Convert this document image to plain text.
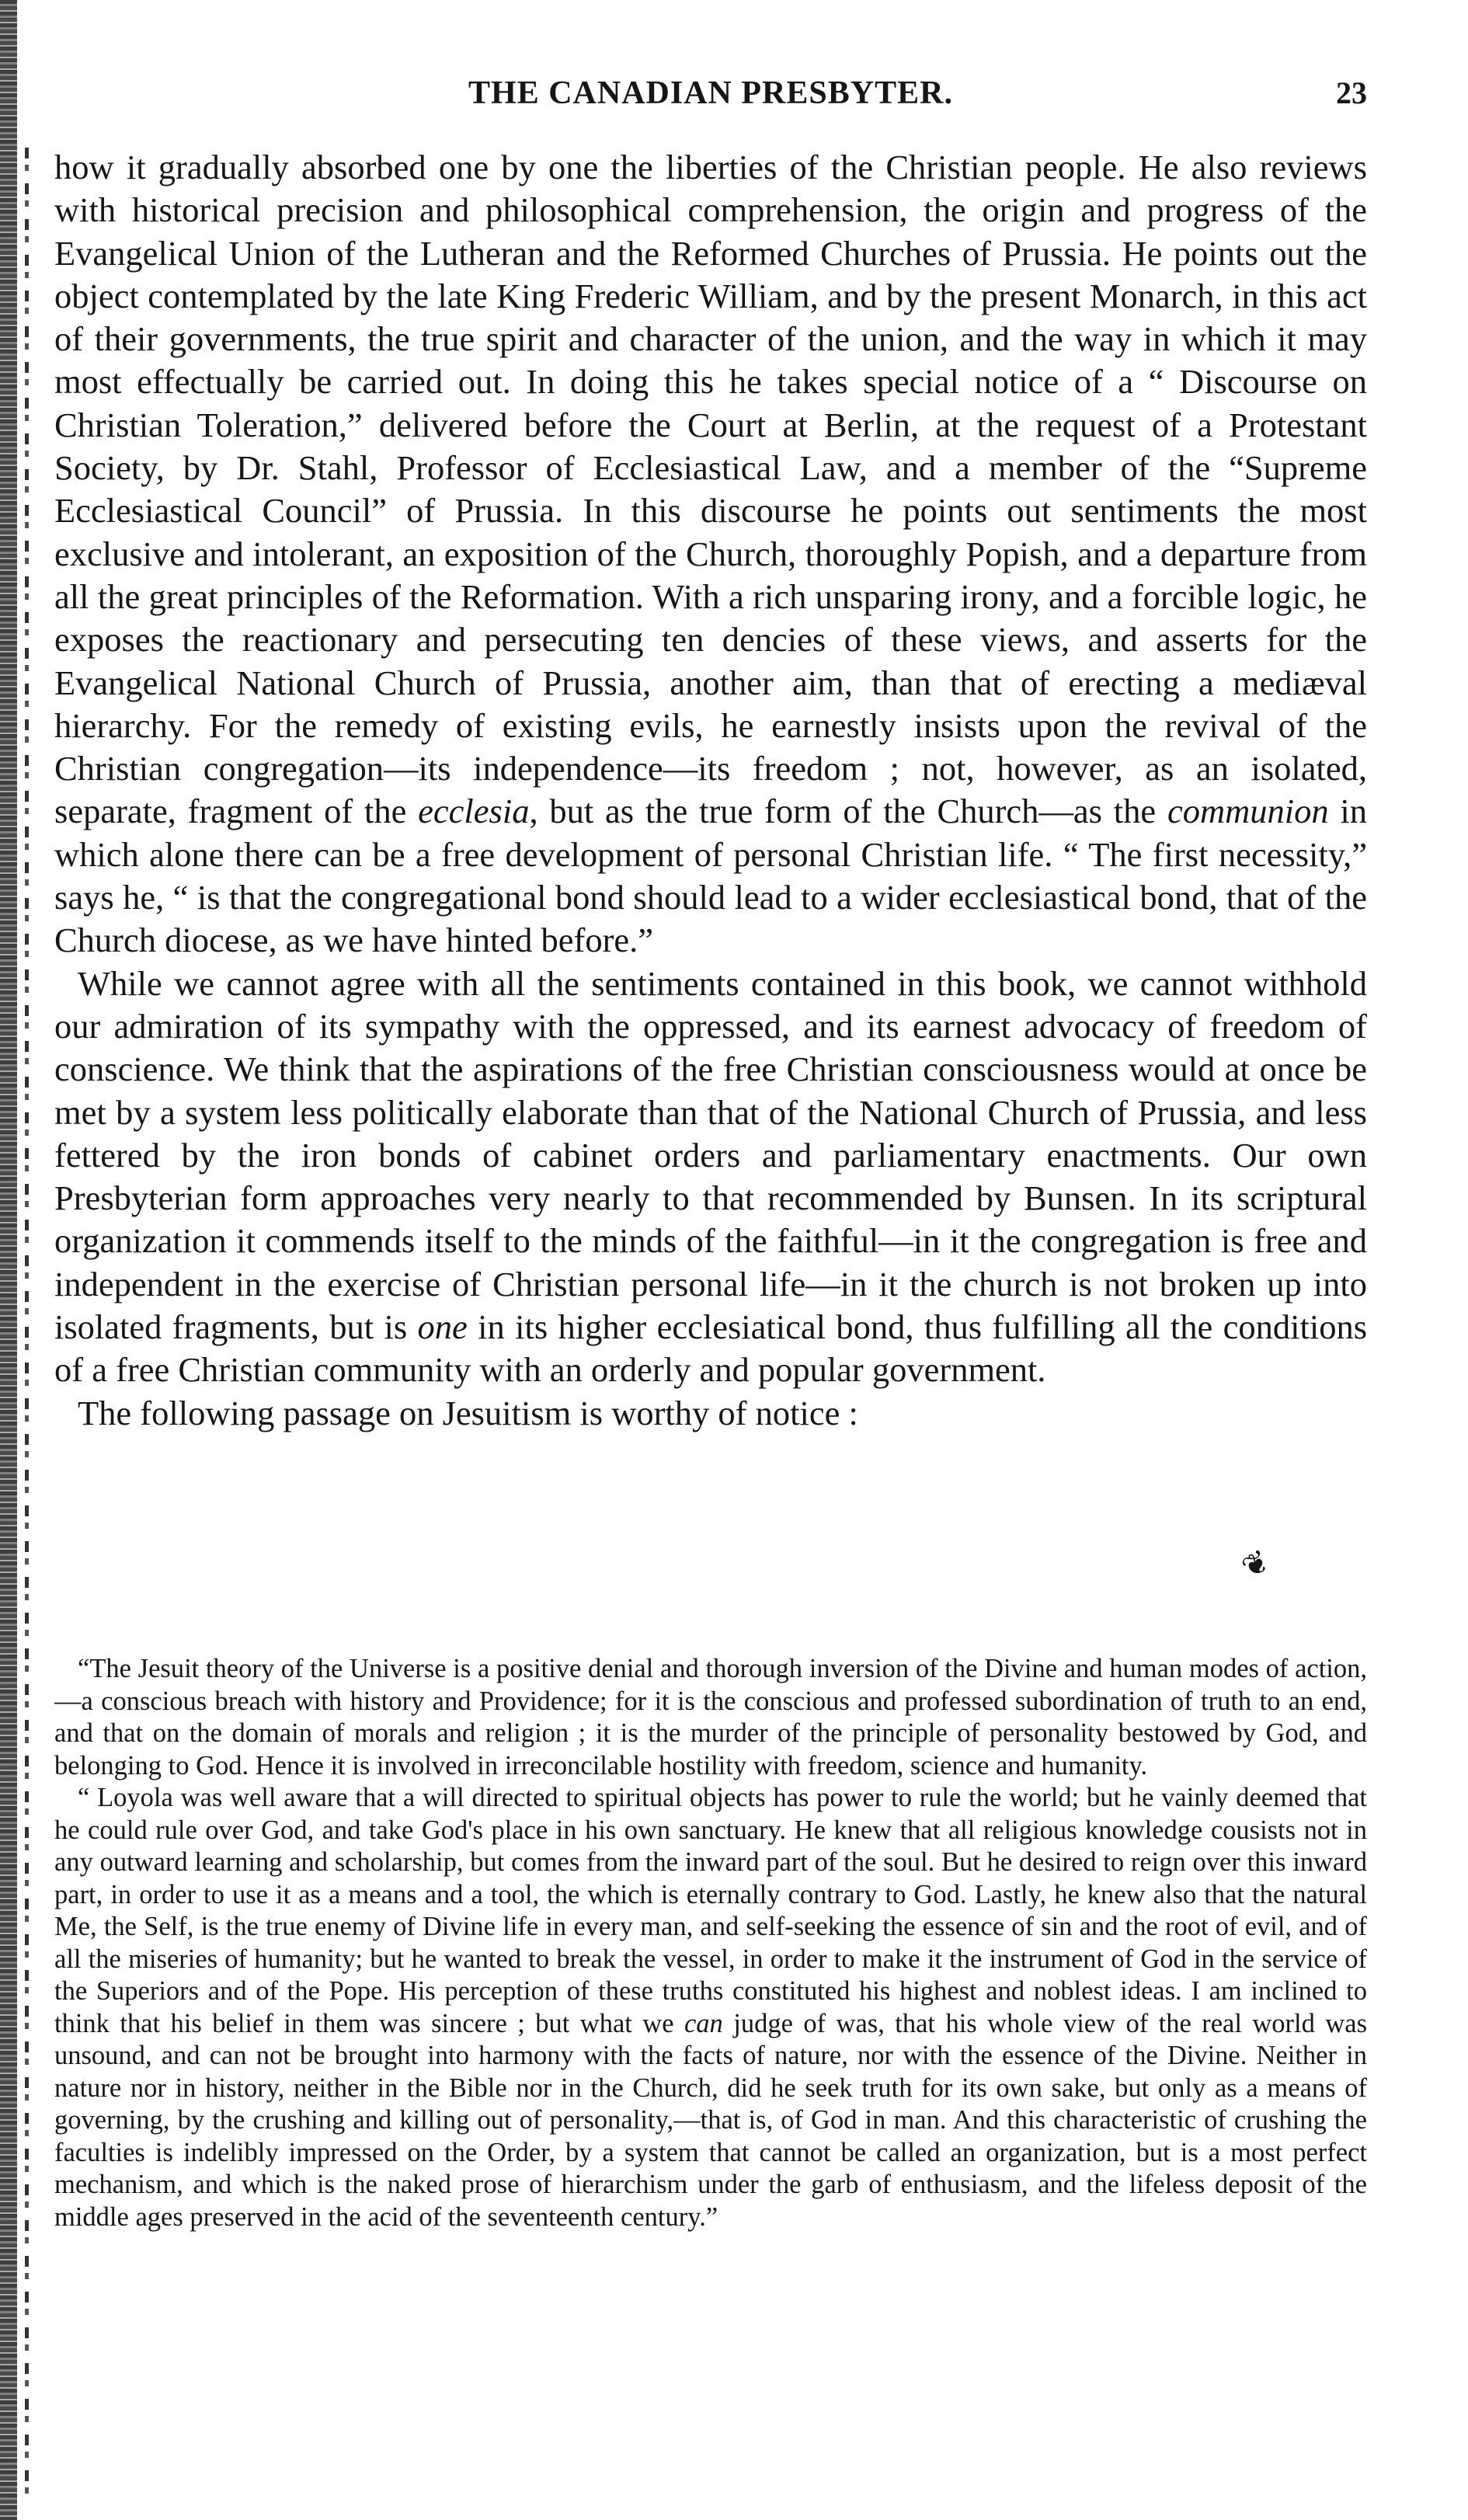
THE CANADIAN PRESBYTER.	23

how it gradually absorbed one by one the liberties of the Christian people. He also reviews with historical precision and philosophical comprehension, the origin and progress of the Evangelical Union of the Lutheran and the Reformed Churches of Prussia. He points out the object contemplated by the late King Frederic William, and by the present Monarch, in this act of their governments, the true spirit and character of the union, and the way in which it may most effectually be carried out. In doing this he takes special notice of a “ Discourse on Christian Toleration,” delivered before the Court at Berlin, at the request of a Protestant Society, by Dr. Stahl, Professor of Ecclesiastical Law, and a member of the “Supreme Ecclesiastical Council” of Prussia. In this discourse he points out sentiments the most exclusive and intolerant, an exposition of the Church, thoroughly Popish, and a departure from all the great principles of the Reformation. With a rich unsparing irony, and a forcible logic, he exposes the reactionary and persecuting ten dencies of these views, and asserts for the Evangelical National Church of Prussia, another aim, than that of erecting a mediæval hierarchy. For the remedy of existing evils, he earnestly insists upon the revival of the Christian congregation—its independence—its freedom ; not, however, as an isolated, separate, fragment of the ecclesia, but as the true form of the Church—as the communion in which alone there can be a free development of personal Christian life. “ The first necessity,” says he, “ is that the congregational bond should lead to a wider ecclesiastical bond, that of the Church diocese, as we have hinted before.”

While we cannot agree with all the sentiments contained in this book, we cannot withhold our admiration of its sympathy with the oppressed, and its earnest advocacy of freedom of conscience. We think that the aspirations of the free Christian consciousness would at once be met by a system less politically elaborate than that of the National Church of Prussia, and less fettered by the iron bonds of cabinet orders and parliamentary enactments. Our own Presbyterian form approaches very nearly to that recommended by Bunsen. In its scriptural organization it commends itself to the minds of the faithful—in it the congregation is free and independent in the exercise of Christian personal life—in it the church is not broken up into isolated fragments, but is one in its higher ecclesiatical bond, thus fulfilling all the conditions of a free Christian community with an orderly and popular government.

The following passage on Jesuitism is worthy of notice :

❦

“The Jesuit theory of the Universe is a positive denial and thorough inversion of the Divine and human modes of action,—a conscious breach with history and Providence; for it is the conscious and professed subordination of truth to an end, and that on the domain of morals and religion ; it is the murder of the principle of personality bestowed by God, and belonging to God. Hence it is involved in irreconcilable hostility with freedom, science and humanity.

“ Loyola was well aware that a will directed to spiritual objects has power to rule the world; but he vainly deemed that he could rule over God, and take God's place in his own sanctuary. He knew that all religious knowledge cousists not in any outward learning and scholarship, but comes from the inward part of the soul. But he desired to reign over this inward part, in order to use it as a means and a tool, the which is eternally contrary to God. Lastly, he knew also that the natural Me, the Self, is the true enemy of Divine life in every man, and self-seeking the essence of sin and the root of evil, and of all the miseries of humanity; but he wanted to break the vessel, in order to make it the instrument of God in the service of the Superiors and of the Pope. His perception of these truths constituted his highest and noblest ideas. I am inclined to think that his belief in them was sincere ; but what we can judge of was, that his whole view of the real world was unsound, and can not be brought into harmony with the facts of nature, nor with the essence of the Divine. Neither in nature nor in history, neither in the Bible nor in the Church, did he seek truth for its own sake, but only as a means of governing, by the crushing and killing out of personality,—that is, of God in man. And this characteristic of crushing the faculties is indelibly impressed on the Order, by a system that cannot be called an organization, but is a most perfect mechanism, and which is the naked prose of hierarchism under the garb of enthusiasm, and the lifeless deposit of the middle ages preserved in the acid of the seventeenth century.”
